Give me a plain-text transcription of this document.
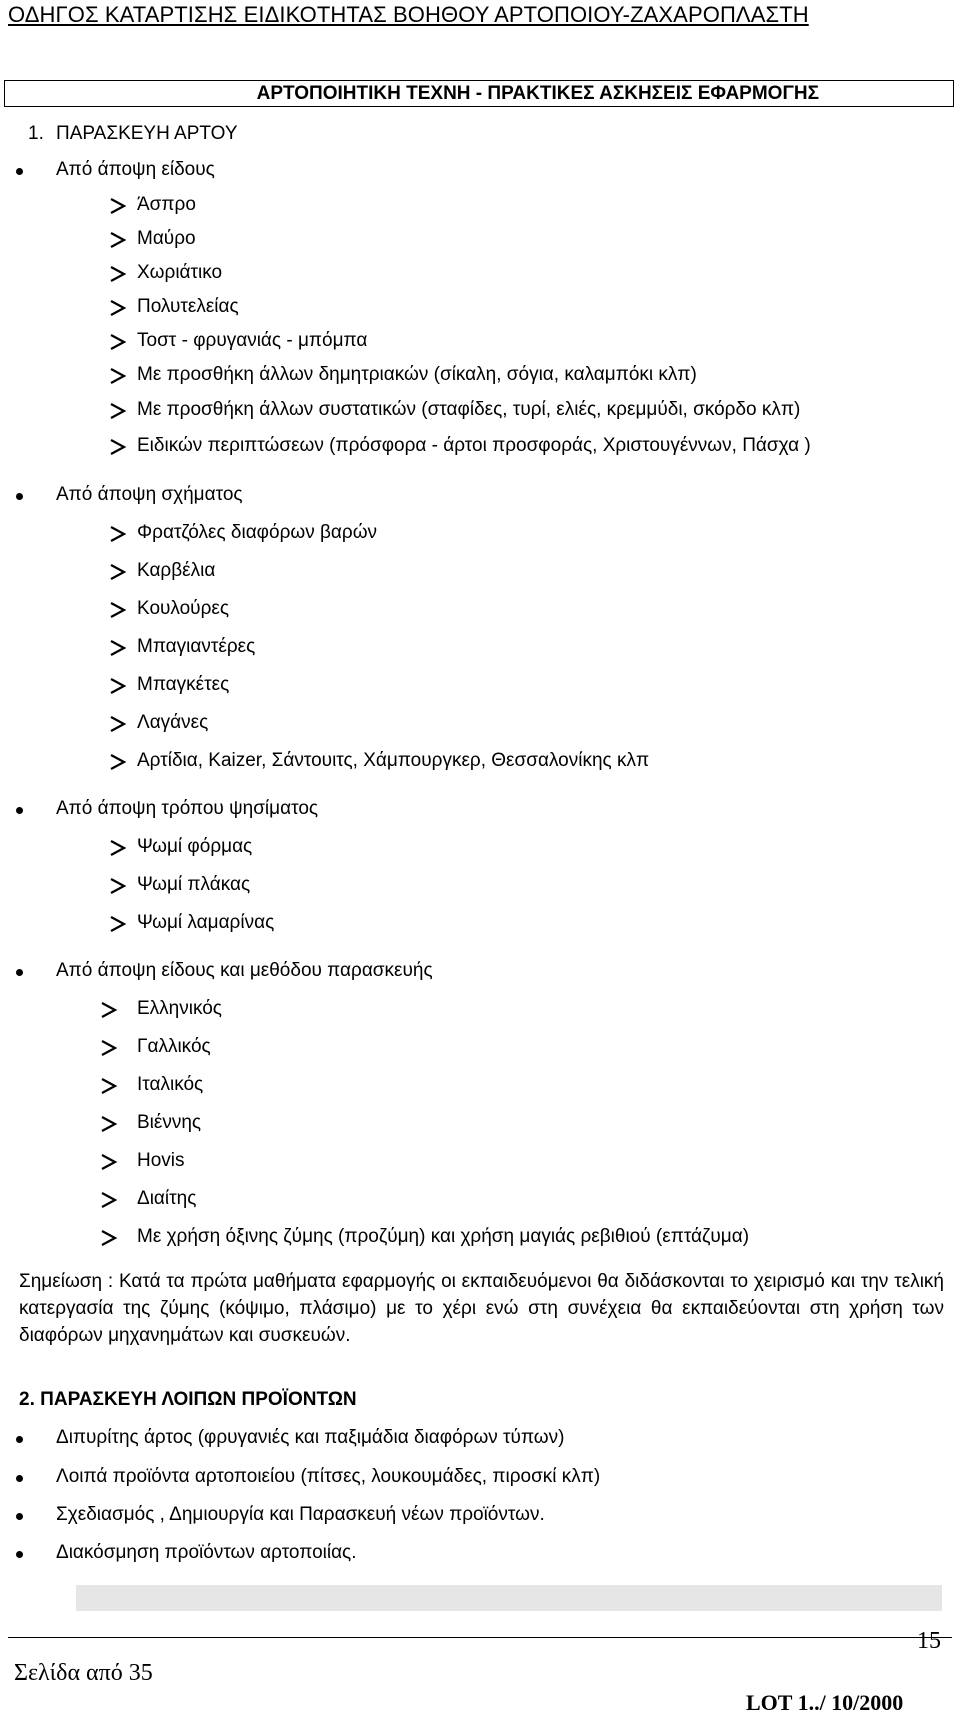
ΟΔΗΓΟΣ ΚΑΤΑΡΤΙΣΗΣ ΕΙΔΙΚΟΤΗΤΑΣ ΒΟΗΘΟΥ ΑΡΤΟΠΟΙΟΥ-ΖΑΧΑΡΟΠΛΑΣΤΗ
ΑΡΤΟΠΟΙΗΤΙΚΗ ΤΕΧΝΗ - ΠΡΑΚΤΙΚΕΣ ΑΣΚΗΣΕΙΣ ΕΦΑΡΜΟΓΗΣ
1. ΠΑΡΑΣΚΕΥΗ ΑΡΤΟΥ
Από άποψη είδους
Άσπρο
Μαύρο
Χωριάτικο
Πολυτελείας
Τοστ - φρυγανιάς - μπόμπα
Με προσθήκη άλλων δημητριακών (σίκαλη, σόγια, καλαμπόκι κλπ)
Με προσθήκη άλλων συστατικών (σταφίδες, τυρί, ελιές, κρεμμύδι, σκόρδο κλπ)
Ειδικών περιπτώσεων (πρόσφορα - άρτοι προσφοράς, Χριστουγέννων, Πάσχα )
Από άποψη σχήματος
Φρατζόλες διαφόρων βαρών
Καρβέλια
Κουλούρες
Μπαγιαντέρες
Μπαγκέτες
Λαγάνες
Αρτίδια, Kaizer, Σάντουιτς, Χάμπουργκερ, Θεσσαλονίκης κλπ
Από άποψη τρόπου ψησίματος
Ψωμί φόρμας
Ψωμί πλάκας
Ψωμί λαμαρίνας
Από άποψη είδους και μεθόδου παρασκευής
Ελληνικός
Γαλλικός
Ιταλικός
Βιέννης
Hovis
Διαίτης
Με χρήση όξινης ζύμης (προζύμη) και χρήση μαγιάς ρεβιθιού (επτάζυμα)
Σημείωση : Κατά τα πρώτα μαθήματα εφαρμογής οι εκπαιδευόμενοι θα διδάσκονται το χειρισμό και την τελική κατεργασία της ζύμης (κόψιμο, πλάσιμο) με το χέρι ενώ στη συνέχεια θα εκπαιδεύονται στη χρήση των διαφόρων μηχανημάτων και συσκευών.
2. ΠΑΡΑΣΚΕΥΗ ΛΟΙΠΩΝ ΠΡΟΪΟΝΤΩΝ
Διπυρίτης άρτος (φρυγανιές και παξιμάδια διαφόρων τύπων)
Λοιπά προϊόντα αρτοποιείου (πίτσες, λουκουμάδες, πιροσκί κλπ)
Σχεδιασμός , Δημιουργία και Παρασκευή νέων προϊόντων.
Διακόσμηση προϊόντων αρτοποιίας.
15
Σελίδα από 35
LOT 1../ 10/2000
